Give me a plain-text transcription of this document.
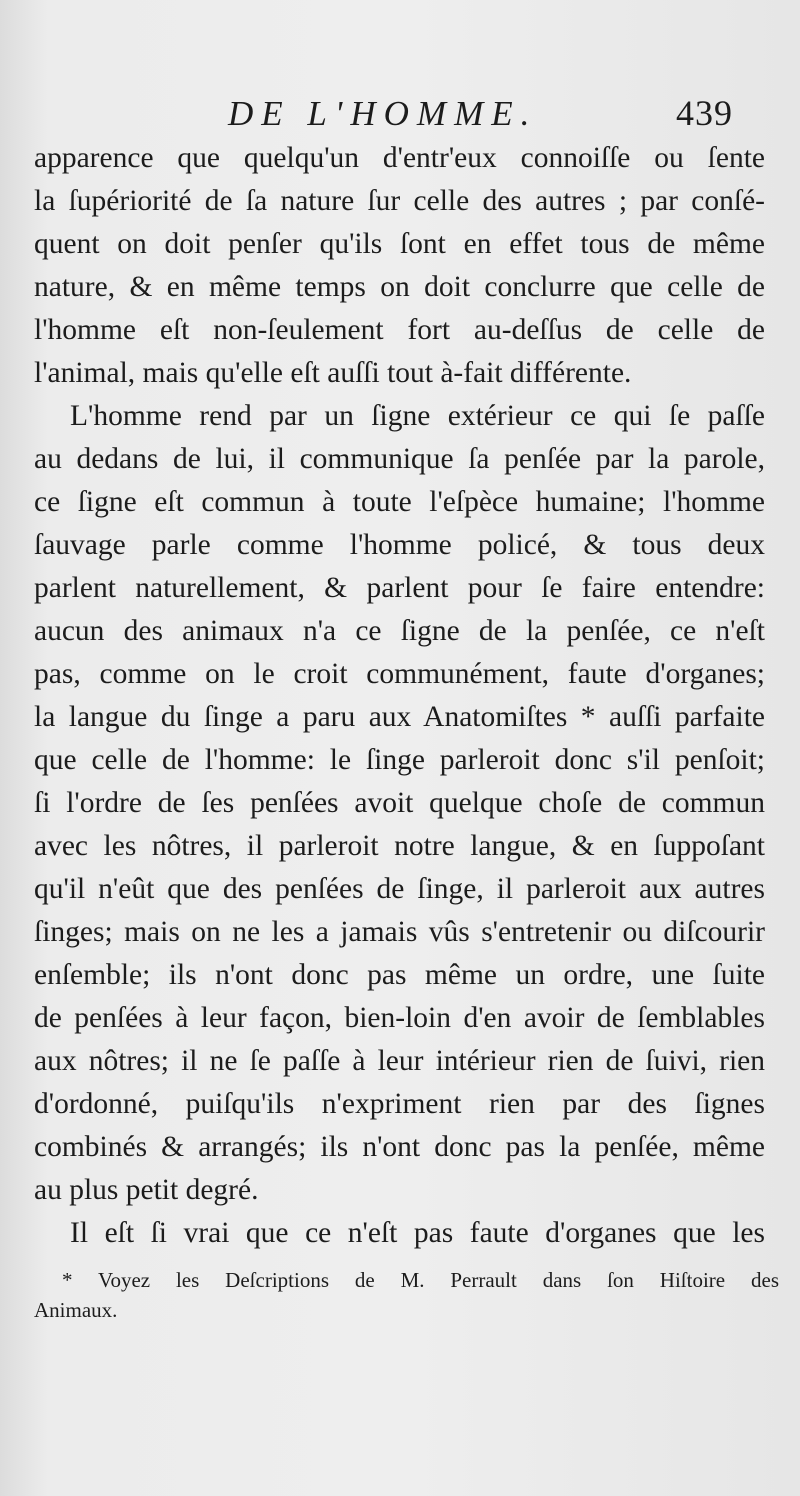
DE L'HOMME.	439
apparence que quelqu'un d'entr'eux connoiſſe ou ſente
la ſupériorité de ſa nature ſur celle des autres ; par conſé-
quent on doit penſer qu'ils ſont en effet tous de même
nature, & en même temps on doit conclurre que celle de
l'homme eſt non-ſeulement fort au-deſſus de celle de
l'animal, mais qu'elle eſt auſſi tout à-fait différente.
L'homme rend par un ſigne extérieur ce qui ſe paſſe
au dedans de lui, il communique ſa penſée par la parole,
ce ſigne eſt commun à toute l'eſpèce humaine; l'homme
ſauvage parle comme l'homme policé, & tous deux
parlent naturellement, & parlent pour ſe faire entendre:
aucun des animaux n'a ce ſigne de la penſée, ce n'eſt
pas, comme on le croit communément, faute d'organes;
la langue du ſinge a paru aux Anatomiſtes * auſſi parfaite
que celle de l'homme: le ſinge parleroit donc s'il penſoit;
ſi l'ordre de ſes penſées avoit quelque choſe de commun
avec les nôtres, il parleroit notre langue, & en ſuppoſant
qu'il n'eût que des penſées de ſinge, il parleroit aux autres
ſinges; mais on ne les a jamais vûs s'entretenir ou diſcourir
enſemble; ils n'ont donc pas même un ordre, une ſuite
de penſées à leur façon, bien-loin d'en avoir de ſemblables
aux nôtres; il ne ſe paſſe à leur intérieur rien de ſuivi, rien
d'ordonné, puiſqu'ils n'expriment rien par des ſignes
combinés & arrangés; ils n'ont donc pas la penſée, même
au plus petit degré.
Il eſt ſi vrai que ce n'eſt pas faute d'organes que les
* Voyez les Deſcriptions de M. Perrault dans ſon Hiſtoire des
Animaux.
